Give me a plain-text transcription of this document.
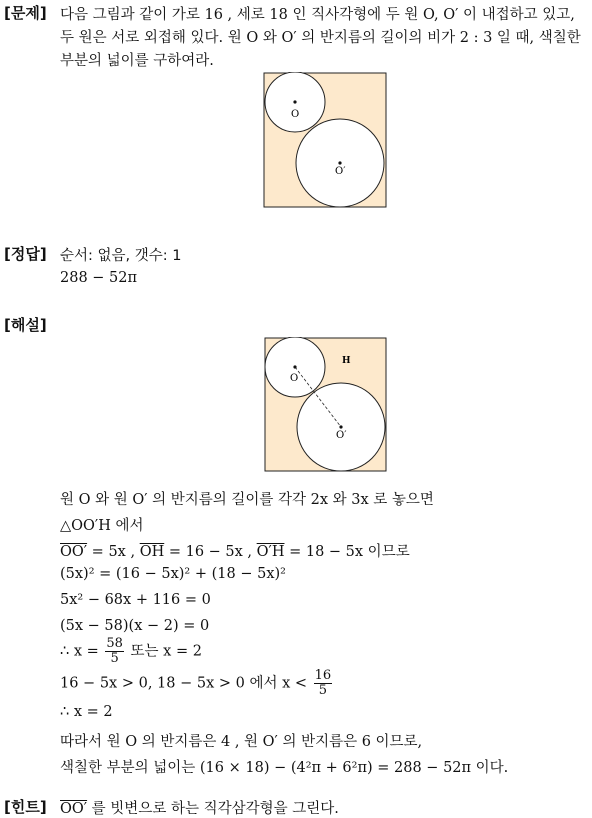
[문제] 다음 그림과 같이 가로 16 , 세로 18 인 직사각형에 두 원 O, O′ 이 내접하고 있고,
두 원은 서로 외접해 있다. 원 O 와 O′ 의 반지름의 길이의 비가 2 : 3 일 때, 색칠한
부분의 넓이를 구하여라.
O
O′
[정답] 순서: 없음, 갯수: 1
288 − 52π
[해설]
O
O′
H
원 O 와 원 O′ 의 반지름의 길이를 각각 2x 와 3x 로 놓으면
△OO′H 에서
OO′ = 5x , $\overline{OH} = 16 - 5x$ , O′H = 18 − 5x 이므로
(5x)² = (16 − 5x)² + (18 − 5x)²
5x² − 68x + 116 = 0
(5x − 58)(x − 2) = 0
∴ $x = \frac{58}{5}$ 또는 x = 2
16 − 5x > 0, 18 − 5x > 0 에서 $x < \frac{16}{5}$
∴ x = 2
따라서 원 O 의 반지름은 4 , 원 O′ 의 반지름은 6 이므로,
색칠한 부분의 넓이는 (16 × 18) − (4²π + 6²π) = 288 − 52π 이다.
[힌트] OO′ 를 빗변으로 하는 직각삼각형을 그린다.
